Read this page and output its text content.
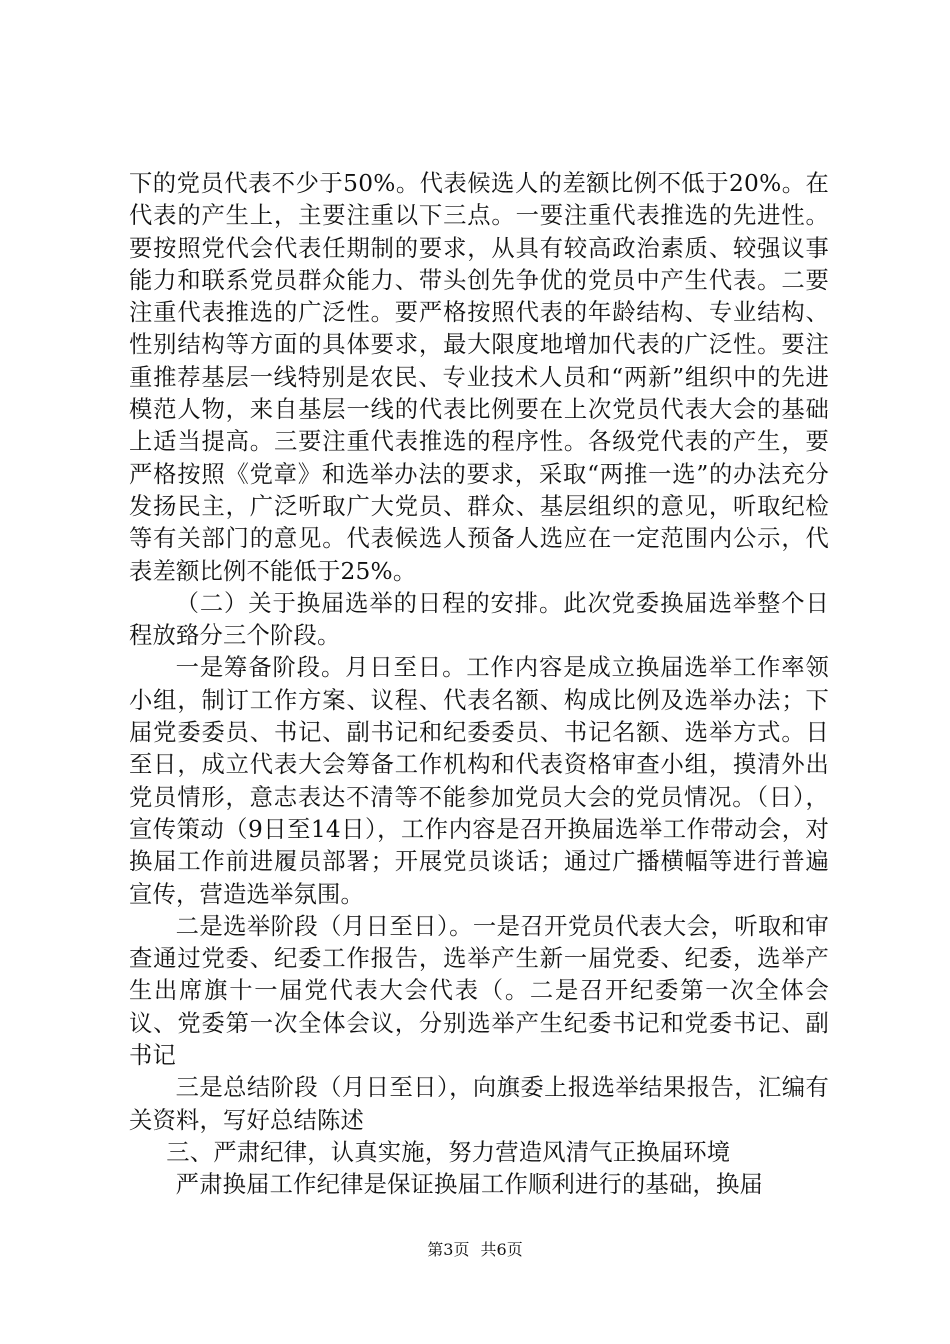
下的党员代表不少于50%。代表候选人的差额比例不低于20%。在代表的产生上，主要注重以下三点。一要注重代表推选的先进性。要按照党代会代表任期制的要求，从具有较高政治素质、较强议事能力和联系党员群众能力、带头创先争优的党员中产生代表。二要注重代表推选的广泛性。要严格按照代表的年龄结构、专业结构、性别结构等方面的具体要求，最大限度地增加代表的广泛性。要注重推荐基层一线特别是农民、专业技术人员和“两新”组织中的先进模范人物，来自基层一线的代表比例要在上次党员代表大会的基础上适当提高。三要注重代表推选的程序性。各级党代表的产生，要严格按照《党章》和选举办法的要求，采取“两推一选”的办法充分发扬民主，广泛听取广大党员、群众、基层组织的意见，听取纪检等有关部门的意见。代表候选人预备人选应在一定范围内公示，代表差额比例不能低于25%。

（二）关于换届选举的日程的安排。此次党委换届选举整个日程放臵分三个阶段。

一是筹备阶段。月日至日。工作内容是成立换届选举工作率领小组，制订工作方案、议程、代表名额、构成比例及选举办法；下届党委委员、书记、副书记和纪委委员、书记名额、选举方式。日至日，成立代表大会筹备工作机构和代表资格审查小组，摸清外出党员情形，意志表达不清等不能参加党员大会的党员情况。（日），宣传策动（9日至14日），工作内容是召开换届选举工作带动会，对换届工作前进履员部署；开展党员谈话；通过广播横幅等进行普遍宣传，营造选举氛围。

二是选举阶段（月日至日）。一是召开党员代表大会，听取和审查通过党委、纪委工作报告，选举产生新一届党委、纪委，选举产生出席旗十一届党代表大会代表（。二是召开纪委第一次全体会议、党委第一次全体会议，分别选举产生纪委书记和党委书记、副书记

三是总结阶段（月日至日），向旗委上报选举结果报告，汇编有关资料，写好总结陈述

三、严肃纪律，认真实施，努力营造风清气正换届环境

严肃换届工作纪律是保证换届工作顺利进行的基础，换届

第3页 共6页
